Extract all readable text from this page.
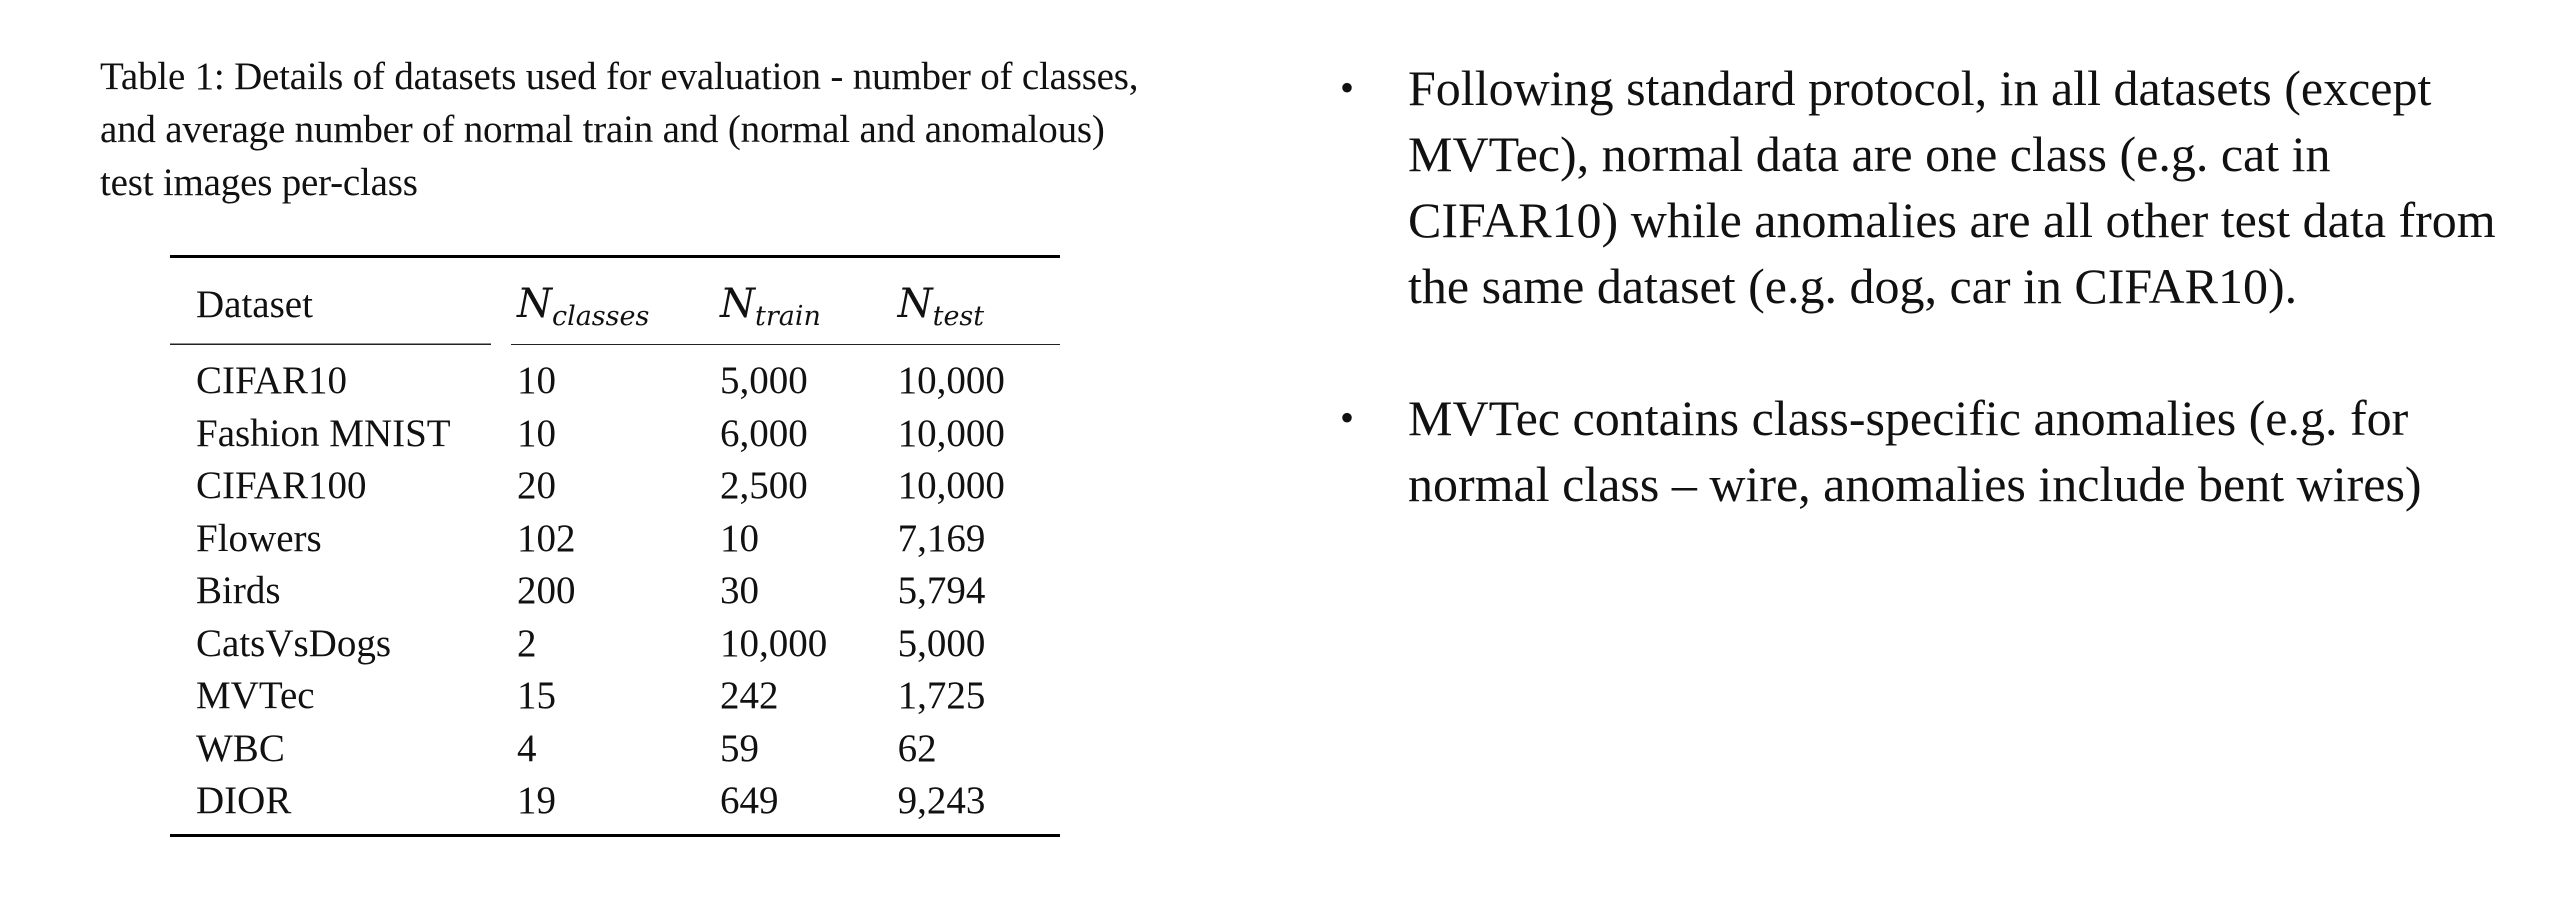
Table 1: Details of datasets used for evaluation - number of classes, and average number of normal train and (normal and anomalous) test images per-class

Dataset		$N_{classes}$	$N_{train}$	$N_{test}$
CIFAR10		10	5,000	10,000
Fashion MNIST		10	6,000	10,000
CIFAR100		20	2,500	10,000
Flowers		102	10	7,169
Birds		200	30	5,794
CatsVsDogs		2	10,000	5,000
MVTec		15	242	1,725
WBC		4	59	62
DIOR		19	649	9,243
• Following standard protocol, in all datasets (except MVTec), normal data are one class (e.g. cat in CIFAR10) while anomalies are all other test data from the same dataset (e.g. dog, car in CIFAR10).
• MVTec contains class-specific anomalies (e.g. for normal class – wire, anomalies include bent wires)
